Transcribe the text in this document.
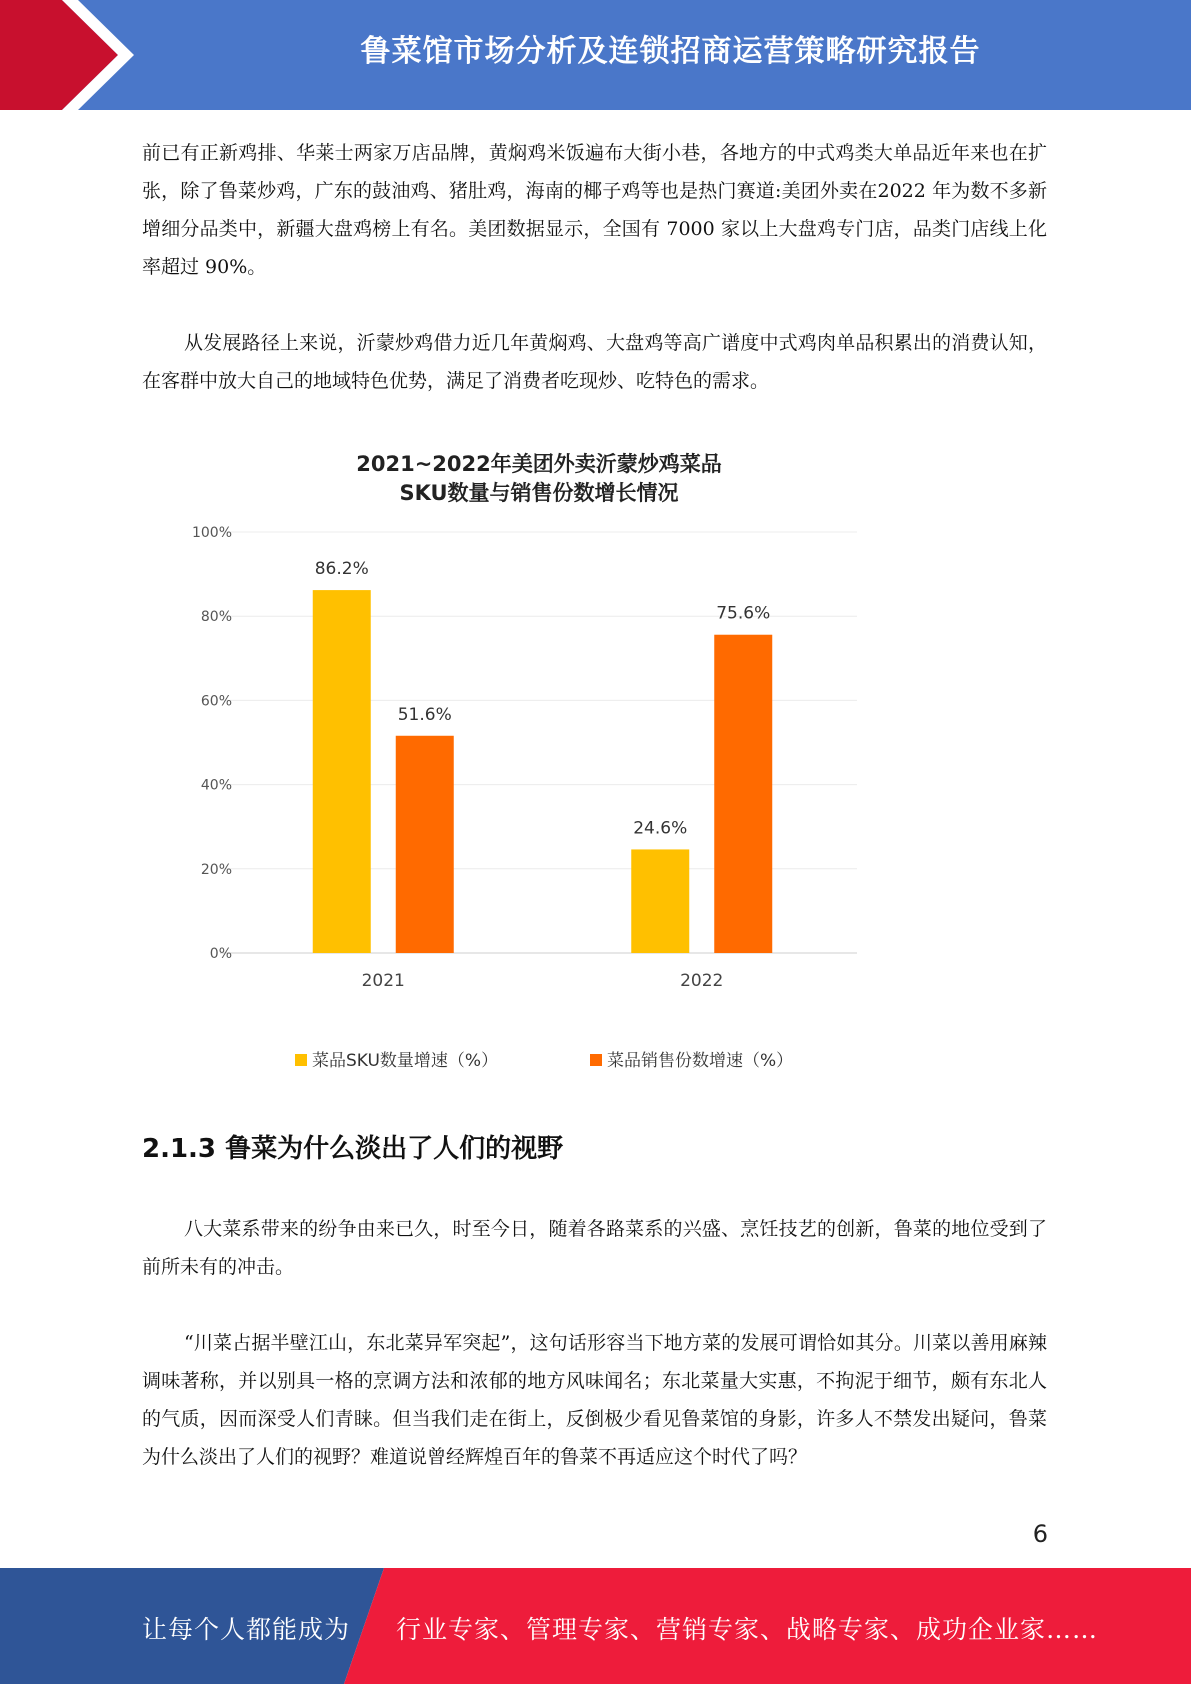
鲁菜馆市场分析及连锁招商运营策略研究报告

前已有正新鸡排、华莱士两家万店品牌，黄焖鸡米饭遍布大街小巷，各地方的中式鸡类大单品近年来也在扩张，除了鲁菜炒鸡，广东的鼓油鸡、猪肚鸡，海南的椰子鸡等也是热门赛道:美团外卖在2022 年为数不多新增细分品类中，新疆大盘鸡榜上有名。美团数据显示，全国有 7000 家以上大盘鸡专门店，品类门店线上化率超过 90%。

从发展路径上来说，沂蒙炒鸡借力近几年黄焖鸡、大盘鸡等高广谱度中式鸡肉单品积累出的消费认知，在客群中放大自己的地域特色优势，满足了消费者吃现炒、吃特色的需求。

2021~2022年美团外卖沂蒙炒鸡菜品
SKU数量与销售份数增长情况
0%
20%
40%
60%
80%
100%
86.2%
51.6%
24.6%
75.6%
2021	2022
菜品SKU数量增速（%）	菜品销售份数增速（%）
2.1.3 鲁菜为什么淡出了人们的视野

八大菜系带来的纷争由来已久，时至今日，随着各路菜系的兴盛、烹饪技艺的创新，鲁菜的地位受到了前所未有的冲击。

“川菜占据半壁江山，东北菜异军突起”，这句话形容当下地方菜的发展可谓恰如其分。川菜以善用麻辣调味著称，并以别具一格的烹调方法和浓郁的地方风味闻名；东北菜量大实惠，不拘泥于细节，颇有东北人的气质，因而深受人们青睐。但当我们走在街上，反倒极少看见鲁菜馆的身影，许多人不禁发出疑问，鲁菜为什么淡出了人们的视野？难道说曾经辉煌百年的鲁菜不再适应这个时代了吗？

6
让每个人都能成为 行业专家、管理专家、营销专家、战略专家、成功企业家……
